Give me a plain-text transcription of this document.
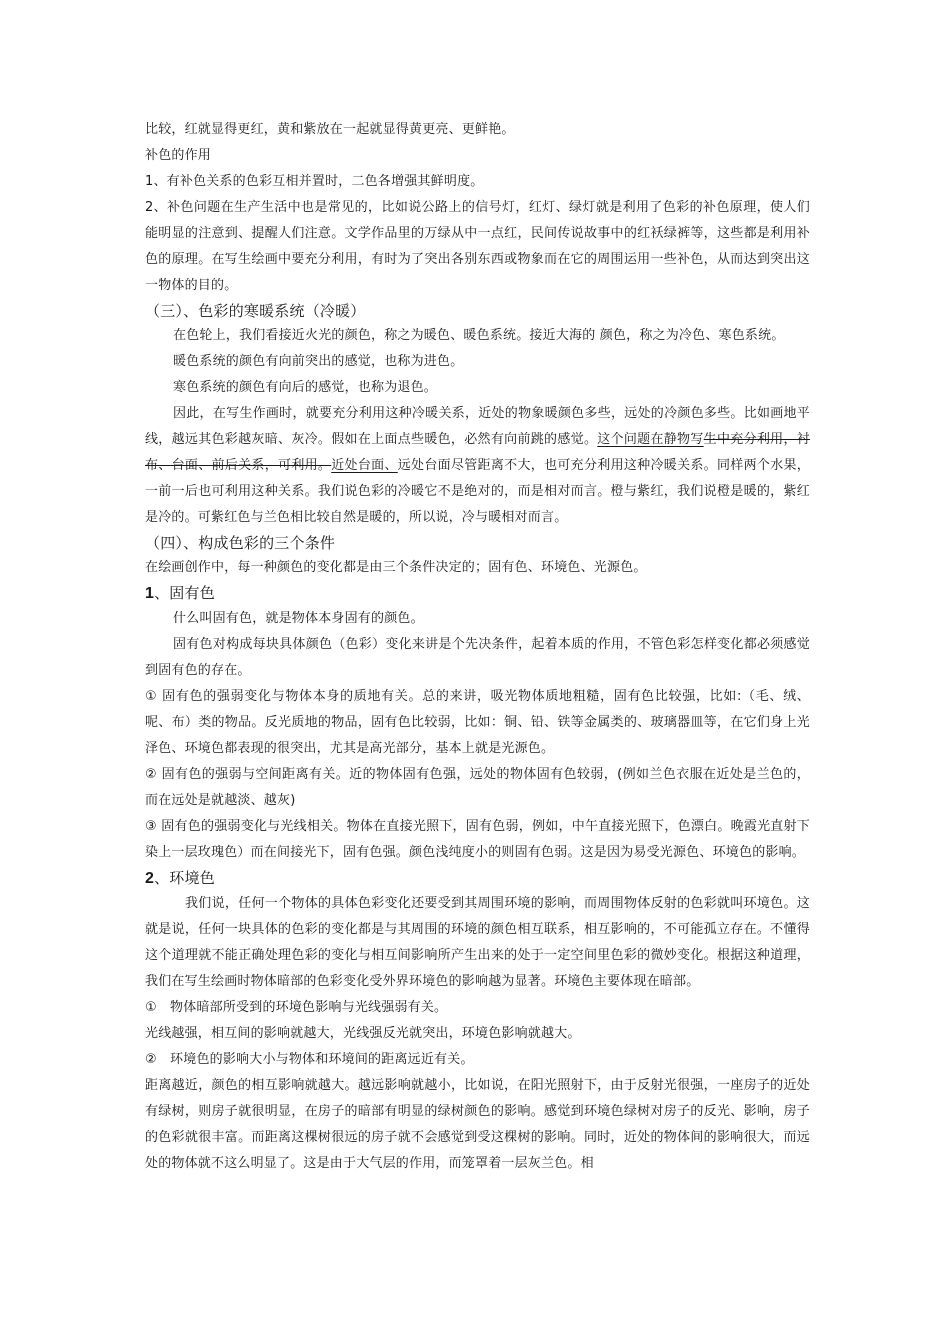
比较，红就显得更红，黄和紫放在一起就显得黄更亮、更鲜艳。

补色的作用

1、有补色关系的色彩互相并置时，二色各增强其鲜明度。

2、补色问题在生产生活中也是常见的，比如说公路上的信号灯，红灯、绿灯就是利用了色彩的补色原理，使人们能明显的注意到、提醒人们注意。文学作品里的万绿从中一点红，民间传说故事中的红袄绿裤等，这些都是利用补色的原理。在写生绘画中要充分利用，有时为了突出各别东西或物象而在它的周围运用一些补色，从而达到突出这一物体的目的。

（三）、色彩的寒暖系统（冷暖）

在色轮上，我们看接近火光的颜色，称之为暖色、暖色系统。接近大海的 颜色，称之为冷色、寒色系统。

暖色系统的颜色有向前突出的感觉，也称为进色。

寒色系统的颜色有向后的感觉，也称为退色。

因此，在写生作画时，就要充分利用这种冷暖关系，近处的物象暖颜色多些，远处的冷颜色多些。比如画地平线，越远其色彩越灰暗、灰冷。假如在上面点些暖色，必然有向前跳的感觉。这个问题在静物写生中充分利用，衬布、台面、前后关系，可利用。近处台面、远处台面尽管距离不大，也可充分利用这种冷暖关系。同样两个水果，一前一后也可利用这种关系。我们说色彩的冷暖它不是绝对的，而是相对而言。橙与紫红，我们说橙是暖的，紫红是冷的。可紫红色与兰色相比较自然是暖的，所以说，冷与暖相对而言。

（四）、构成色彩的三个条件

在绘画创作中，每一种颜色的变化都是由三个条件决定的；固有色、环境色、光源色。

1、固有色

什么叫固有色，就是物体本身固有的颜色。

固有色对构成每块具体颜色（色彩）变化来讲是个先决条件，起着本质的作用，不管色彩怎样变化都必须感觉到固有色的存在。

① 固有色的强弱变化与物体本身的质地有关。总的来讲，吸光物体质地粗糙，固有色比较强，比如:（毛、绒、呢、布）类的物品。反光质地的物品，固有色比较弱，比如：铜、铅、铁等金属类的、玻璃器皿等，在它们身上光泽色、环境色都表现的很突出，尤其是高光部分，基本上就是光源色。

② 固有色的强弱与空间距离有关。近的物体固有色强，远处的物体固有色较弱，(例如兰色衣服在近处是兰色的，而在远处是就越淡、越灰)

③ 固有色的强弱变化与光线相关。物体在直接光照下，固有色弱，例如，中午直接光照下，色漂白。晚霞光直射下染上一层玫瑰色）而在间接光下，固有色强。颜色浅纯度小的则固有色弱。这是因为易受光源色、环境色的影响。

2、环境色

我们说，任何一个物体的具体色彩变化还要受到其周围环境的影响，而周围物体反射的色彩就叫环境色。这就是说，任何一块具体的色彩的变化都是与其周围的环境的颜色相互联系，相互影响的，不可能孤立存在。不懂得这个道理就不能正确处理色彩的变化与相互间影响所产生出来的处于一定空间里色彩的微妙变化。根据这种道理，我们在写生绘画时物体暗部的色彩变化受外界环境色的影响越为显著。环境色主要体现在暗部。

①　物体暗部所受到的环境色影响与光线强弱有关。

光线越强，相互间的影响就越大，光线强反光就突出，环境色影响就越大。

②　环境色的影响大小与物体和环境间的距离远近有关。

距离越近，颜色的相互影响就越大。越远影响就越小，比如说，在阳光照射下，由于反射光很强，一座房子的近处有绿树，则房子就很明显，在房子的暗部有明显的绿树颜色的影响。感觉到环境色绿树对房子的反光、影响，房子的色彩就很丰富。而距离这棵树很远的房子就不会感觉到受这棵树的影响。同时，近处的物体间的影响很大，而远处的物体就不这么明显了。这是由于大气层的作用，而笼罩着一层灰兰色。相
